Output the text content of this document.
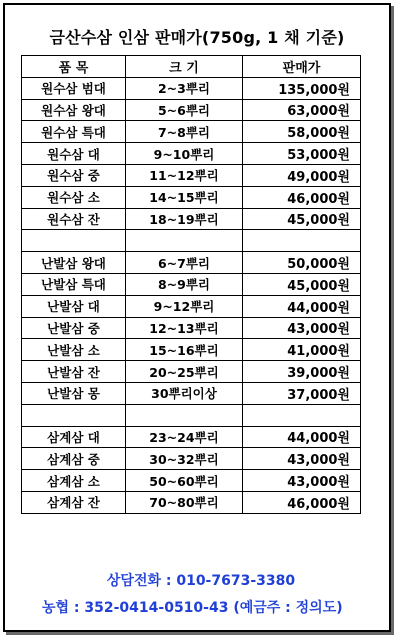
금산수삼 인삼 판매가(750g, 1 채 기준)
품 목	크 기	판매가
원수삼 범대	2~3뿌리	135,000원
원수삼 왕대	5~6뿌리	63,000원
원수삼 특대	7~8뿌리	58,000원
원수삼 대	9~10뿌리	53,000원
원수삼 중	11~12뿌리	49,000원
원수삼 소	14~15뿌리	46,000원
원수삼 잔	18~19뿌리	45,000원

난발삼 왕대	6~7뿌리	50,000원
난발삼 특대	8~9뿌리	45,000원
난발삼 대	9~12뿌리	44,000원
난발삼 중	12~13뿌리	43,000원
난발삼 소	15~16뿌리	41,000원
난발삼 잔	20~25뿌리	39,000원
난발삼 몽	30뿌리이상	37,000원

삼계삼 대	23~24뿌리	44,000원
삼계삼 중	30~32뿌리	43,000원
삼계삼 소	50~60뿌리	43,000원
삼계삼 잔	70~80뿌리	46,000원
상담전화 : 010-7673-3380
농협 : 352-0414-0510-43 (예금주 : 정의도)
